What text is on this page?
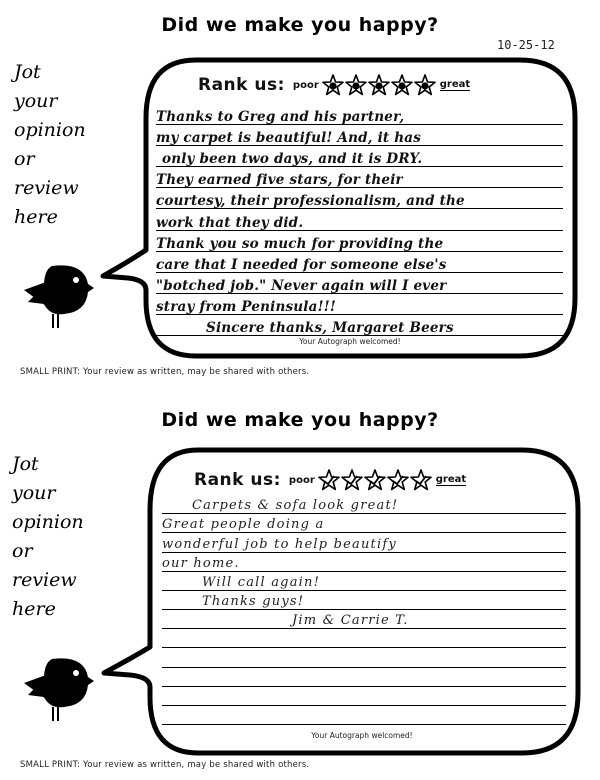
Did we make you happy?
10-25-12
Jot
your
opinion
or
review
here
Rank us: poor	great
Thanks to Greg and his partner,
my carpet is beautiful! And, it has
only been two days, and it is DRY.
They earned five stars, for their
courtesy, their professionalism, and the
work that they did.
Thank you so much for providing the
care that I needed for someone else's
"botched job." Never again will I ever
stray from Peninsula!!!
Sincere thanks, Margaret Beers
Your Autograph welcomed!
SMALL PRINT: Your review as written, may be shared with others.
Did we make you happy?
Jot
your
opinion
or
review
here
Rank us: poor	great
Carpets & sofa look great!
Great people doing a
wonderful job to help beautify
our home.
Will call again!
Thanks guys!
Jim & Carrie T.
Your Autograph welcomed!
SMALL PRINT: Your review as written, may be shared with others.
